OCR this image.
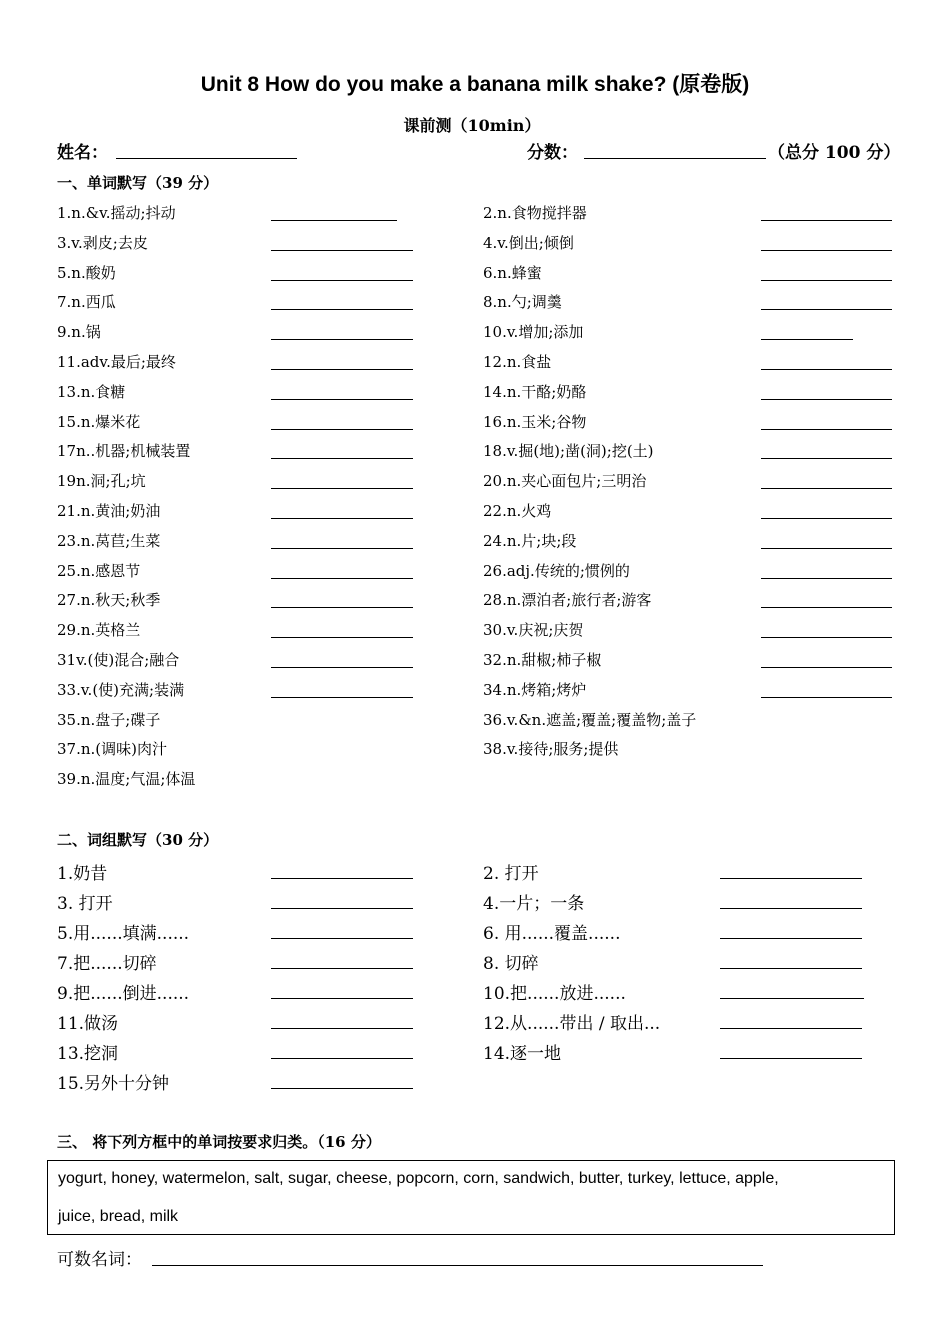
Unit 8 How do you make a banana milk shake? (原卷版)
课前测（10min）
姓名：	分数：	（总分 100 分）
一、单词默写（39 分）
1.n.&v.摇动;抖动
3.v.剥皮;去皮
5.n.酸奶
7.n.西瓜
9.n.锅
11.adv.最后;最终
13.n.食糖
15.n.爆米花
17n..机器;机械装置
19n.洞;孔;坑
21.n.黄油;奶油
23.n.莴苣;生菜
25.n.感恩节
27.n.秋天;秋季
29.n.英格兰
31v.(使)混合;融合
33.v.(使)充满;装满
35.n.盘子;碟子
37.n.(调味)肉汁
39.n.温度;气温;体温
2.n.食物搅拌器
4.v.倒出;倾倒
6.n.蜂蜜
8.n.勺;调羹
10.v.增加;添加
12.n.食盐
14.n.干酪;奶酪
16.n.玉米;谷物
18.v.掘(地);凿(洞);挖(土)
20.n.夹心面包片;三明治
22.n.火鸡
24.n.片;块;段
26.adj.传统的;惯例的
28.n.漂泊者;旅行者;游客
30.v.庆祝;庆贺
32.n.甜椒;柿子椒
34.n.烤箱;烤炉
36.v.&n.遮盖;覆盖;覆盖物;盖子
38.v.接待;服务;提供
二、词组默写（30 分）
1.奶昔
3. 打开
5.用......填满......
7.把......切碎
9.把......倒进......
11.做汤
13.挖洞
15.另外十分钟
2. 打开
4.一片；一条
6. 用......覆盖......
8. 切碎
10.把......放进......
12.从......带出 / 取出...
14.逐一地
三、 将下列方框中的单词按要求归类。（16 分）
yogurt, honey, watermelon, salt, sugar, cheese, popcorn, corn, sandwich, butter, turkey, lettuce, apple,
juice, bread, milk
可数名词：
